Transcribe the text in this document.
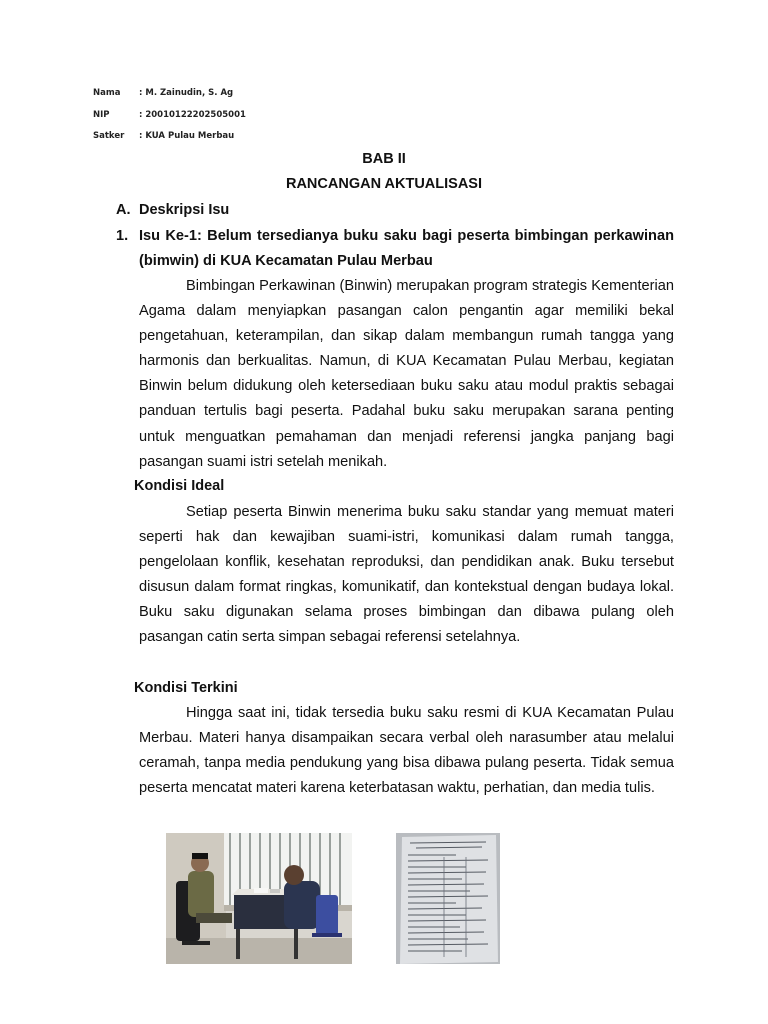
Nama : M. Zainudin, S. Ag
NIP	: 20010122202505001
Satker : KUA Pulau Merbau
BAB II
RANCANGAN AKTUALISASI
A. Deskripsi Isu
1. Isu Ke-1: Belum tersedianya buku saku bagi peserta bimbingan perkawinan (bimwin) di KUA Kecamatan Pulau Merbau

Bimbingan Perkawinan (Binwin) merupakan program strategis Kementerian Agama dalam menyiapkan pasangan calon pengantin agar memiliki bekal pengetahuan, keterampilan, dan sikap dalam membangun rumah tangga yang harmonis dan berkualitas. Namun, di KUA Kecamatan Pulau Merbau, kegiatan Binwin belum didukung oleh ketersediaan buku saku atau modul praktis sebagai panduan tertulis bagi peserta. Padahal buku saku merupakan sarana penting untuk menguatkan pemahaman dan menjadi referensi jangka panjang bagi pasangan suami istri setelah menikah.

Kondisi Ideal

Setiap peserta Binwin menerima buku saku standar yang memuat materi seperti hak dan kewajiban suami-istri, komunikasi dalam rumah tangga, pengelolaan konflik, kesehatan reproduksi, dan pendidikan anak. Buku tersebut disusun dalam format ringkas, komunikatif, dan kontekstual dengan budaya lokal. Buku saku digunakan selama proses bimbingan dan dibawa pulang oleh pasangan catin serta simpan sebagai referensi setelahnya.

Kondisi Terkini

Hingga saat ini, tidak tersedia buku saku resmi di KUA Kecamatan Pulau Merbau. Materi hanya disampaikan secara verbal oleh narasumber atau melalui ceramah, tanpa media pendukung yang bisa dibawa pulang peserta. Tidak semua peserta mencatat materi karena keterbatasan waktu, perhatian, dan media tulis.
